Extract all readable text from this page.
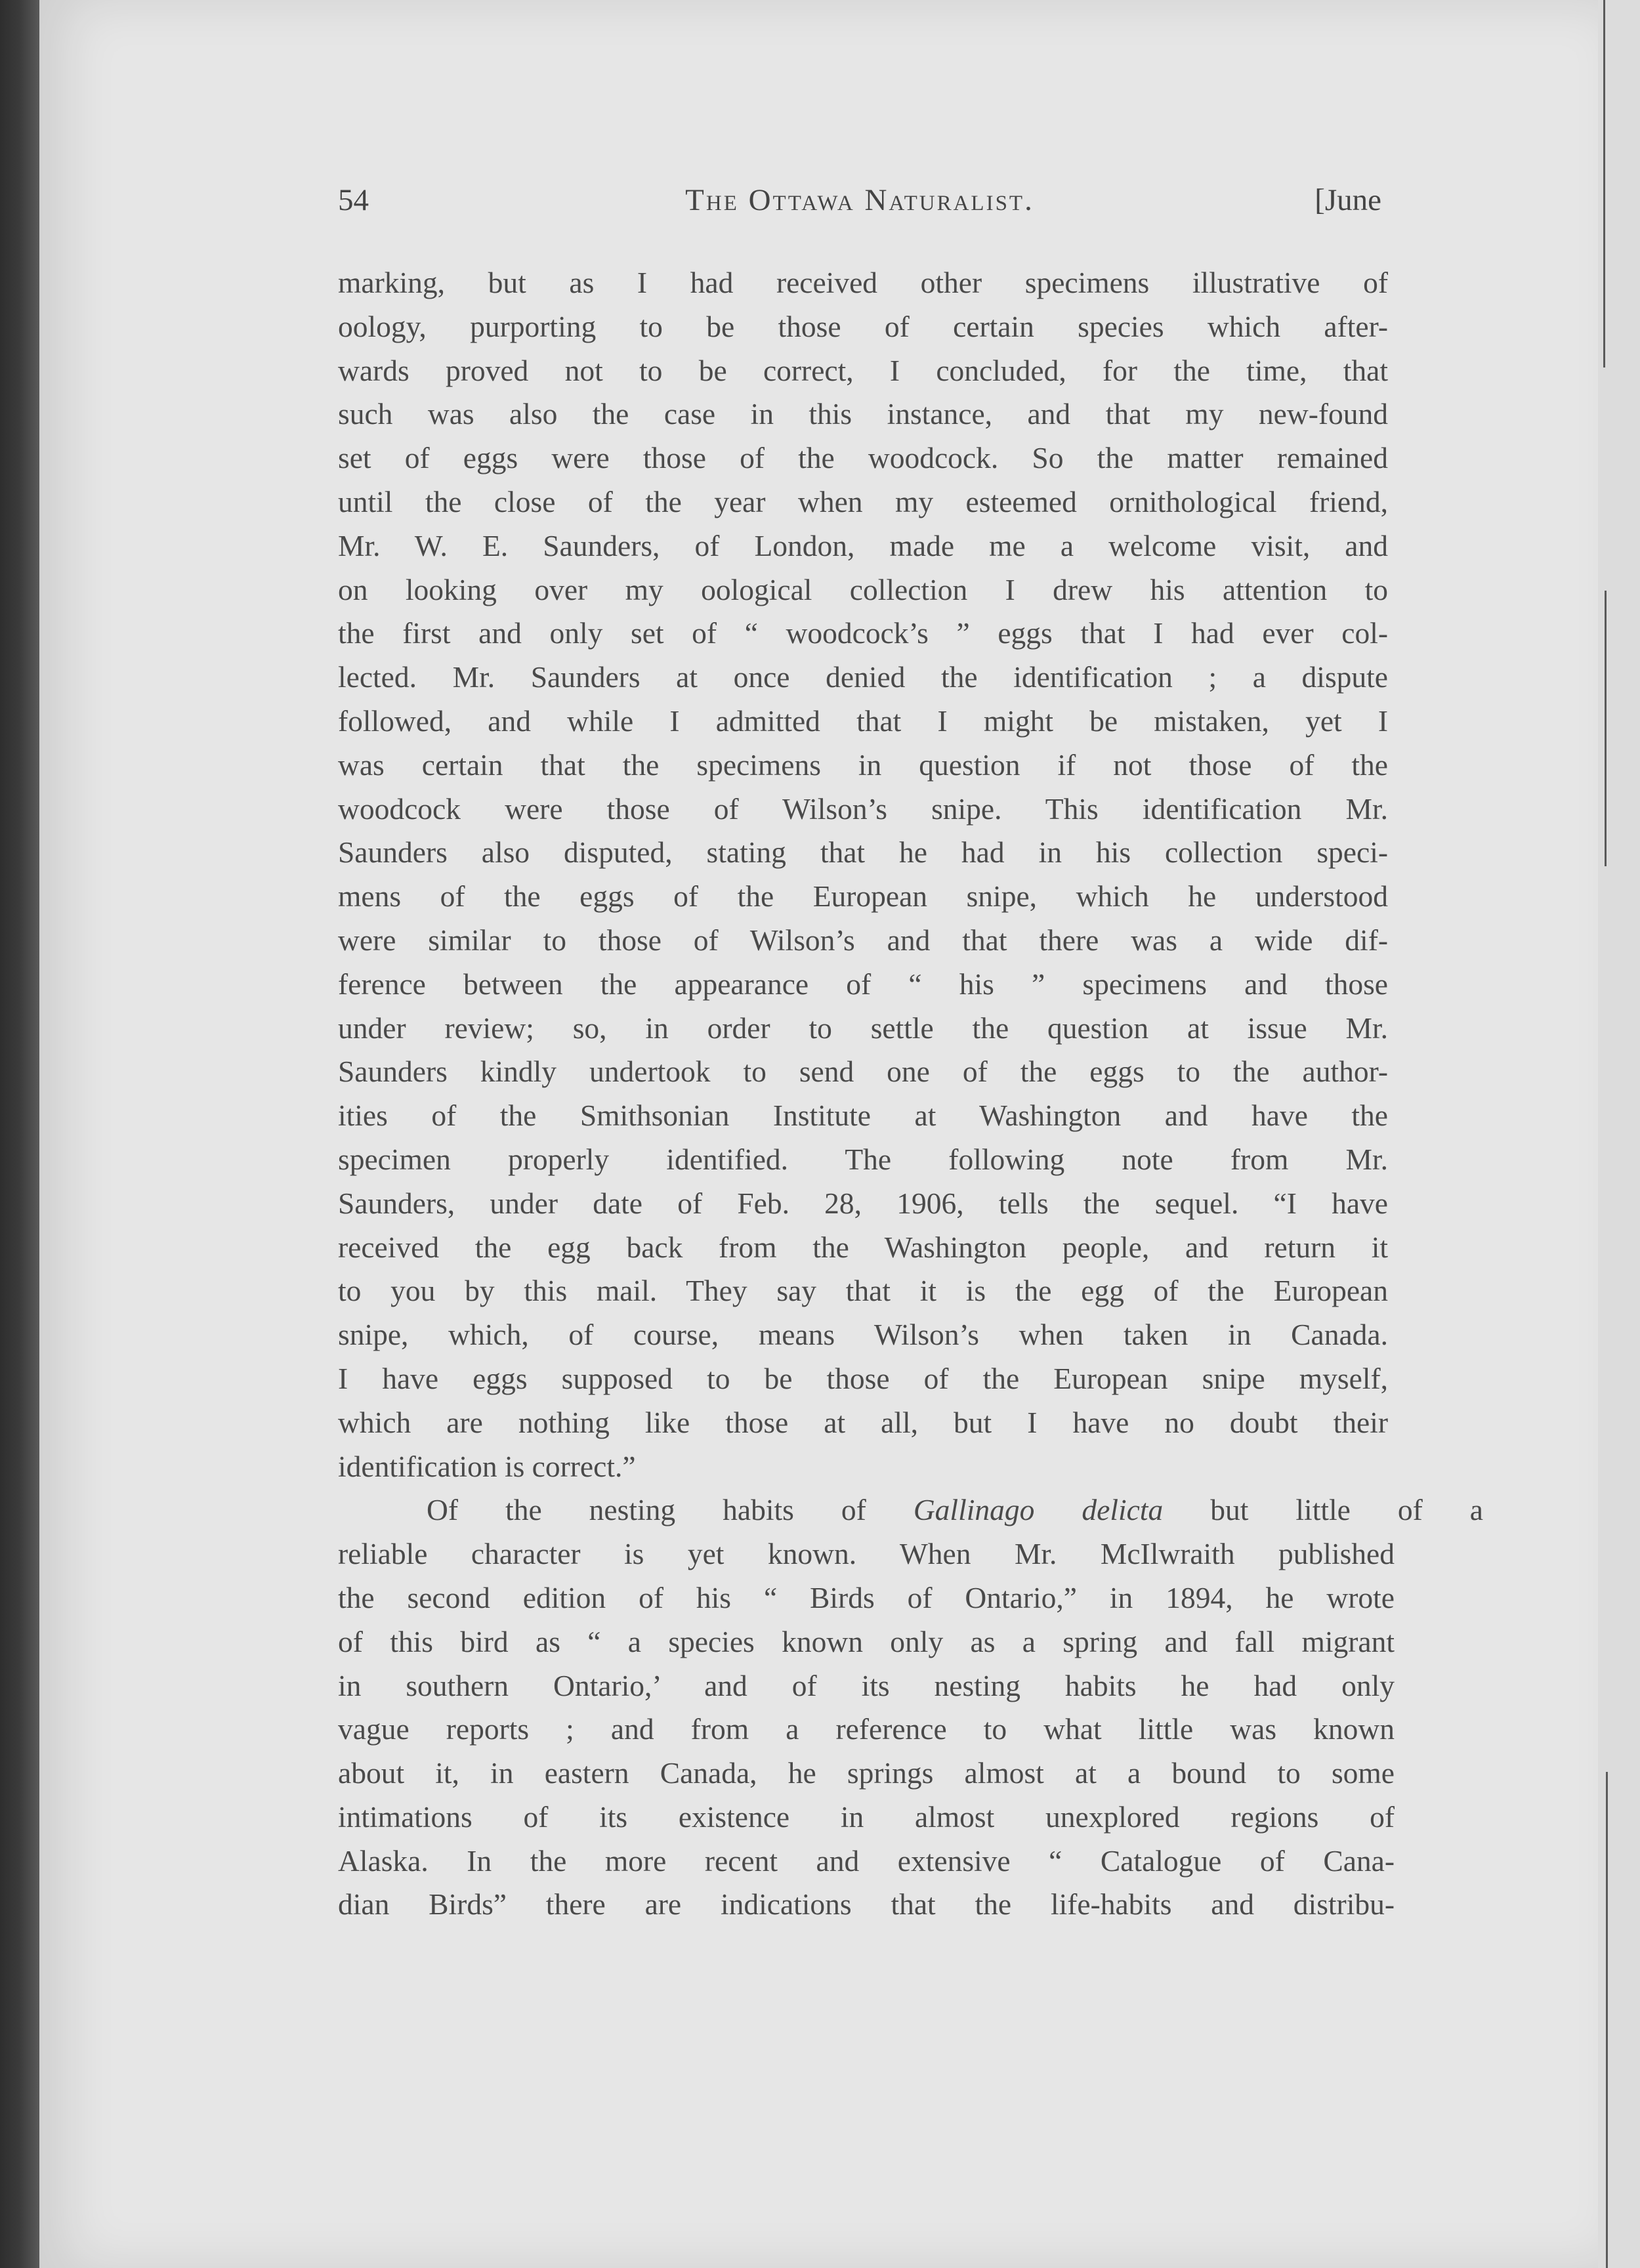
54	The Ottawa Naturalist.	[June
marking, but as I had received other specimens illustrative of
oology, purporting to be those of certain species which after-
wards proved not to be correct, I concluded, for the time, that
such was also the case in this instance, and that my new-found
set of eggs were those of the woodcock. So the matter remained
until the close of the year when my esteemed ornithological friend,
Mr. W. E. Saunders, of London, made me a welcome visit, and
on looking over my oological collection I drew his attention to
the first and only set of “ woodcock’s ” eggs that I had ever col-
lected. Mr. Saunders at once denied the identification ; a dispute
followed, and while I admitted that I might be mistaken, yet I
was certain that the specimens in question if not those of the
woodcock were those of Wilson’s snipe. This identification Mr.
Saunders also disputed, stating that he had in his collection speci-
mens of the eggs of the European snipe, which he understood
were similar to those of Wilson’s and that there was a wide dif-
ference between the appearance of “ his ” specimens and those
under review; so, in order to settle the question at issue Mr.
Saunders kindly undertook to send one of the eggs to the author-
ities of the Smithsonian Institute at Washington and have the
specimen properly identified. The following note from Mr.
Saunders, under date of Feb. 28, 1906, tells the sequel. “I have
received the egg back from the Washington people, and return it
to you by this mail. They say that it is the egg of the European
snipe, which, of course, means Wilson’s when taken in Canada.
I have eggs supposed to be those of the European snipe myself,
which are nothing like those at all, but I have no doubt their
identification is correct.”
Of the nesting habits of Gallinago delicta but little of a
reliable character is yet known. When Mr. McIlwraith published
the second edition of his “ Birds of Ontario,” in 1894, he wrote
of this bird as “ a species known only as a spring and fall migrant
in southern Ontario,’ and of its nesting habits he had only
vague reports ; and from a reference to what little was known
about it, in eastern Canada, he springs almost at a bound to some
intimations of its existence in almost unexplored regions of
Alaska. In the more recent and extensive “ Catalogue of Cana-
dian Birds” there are indications that the life-habits and distribu-
